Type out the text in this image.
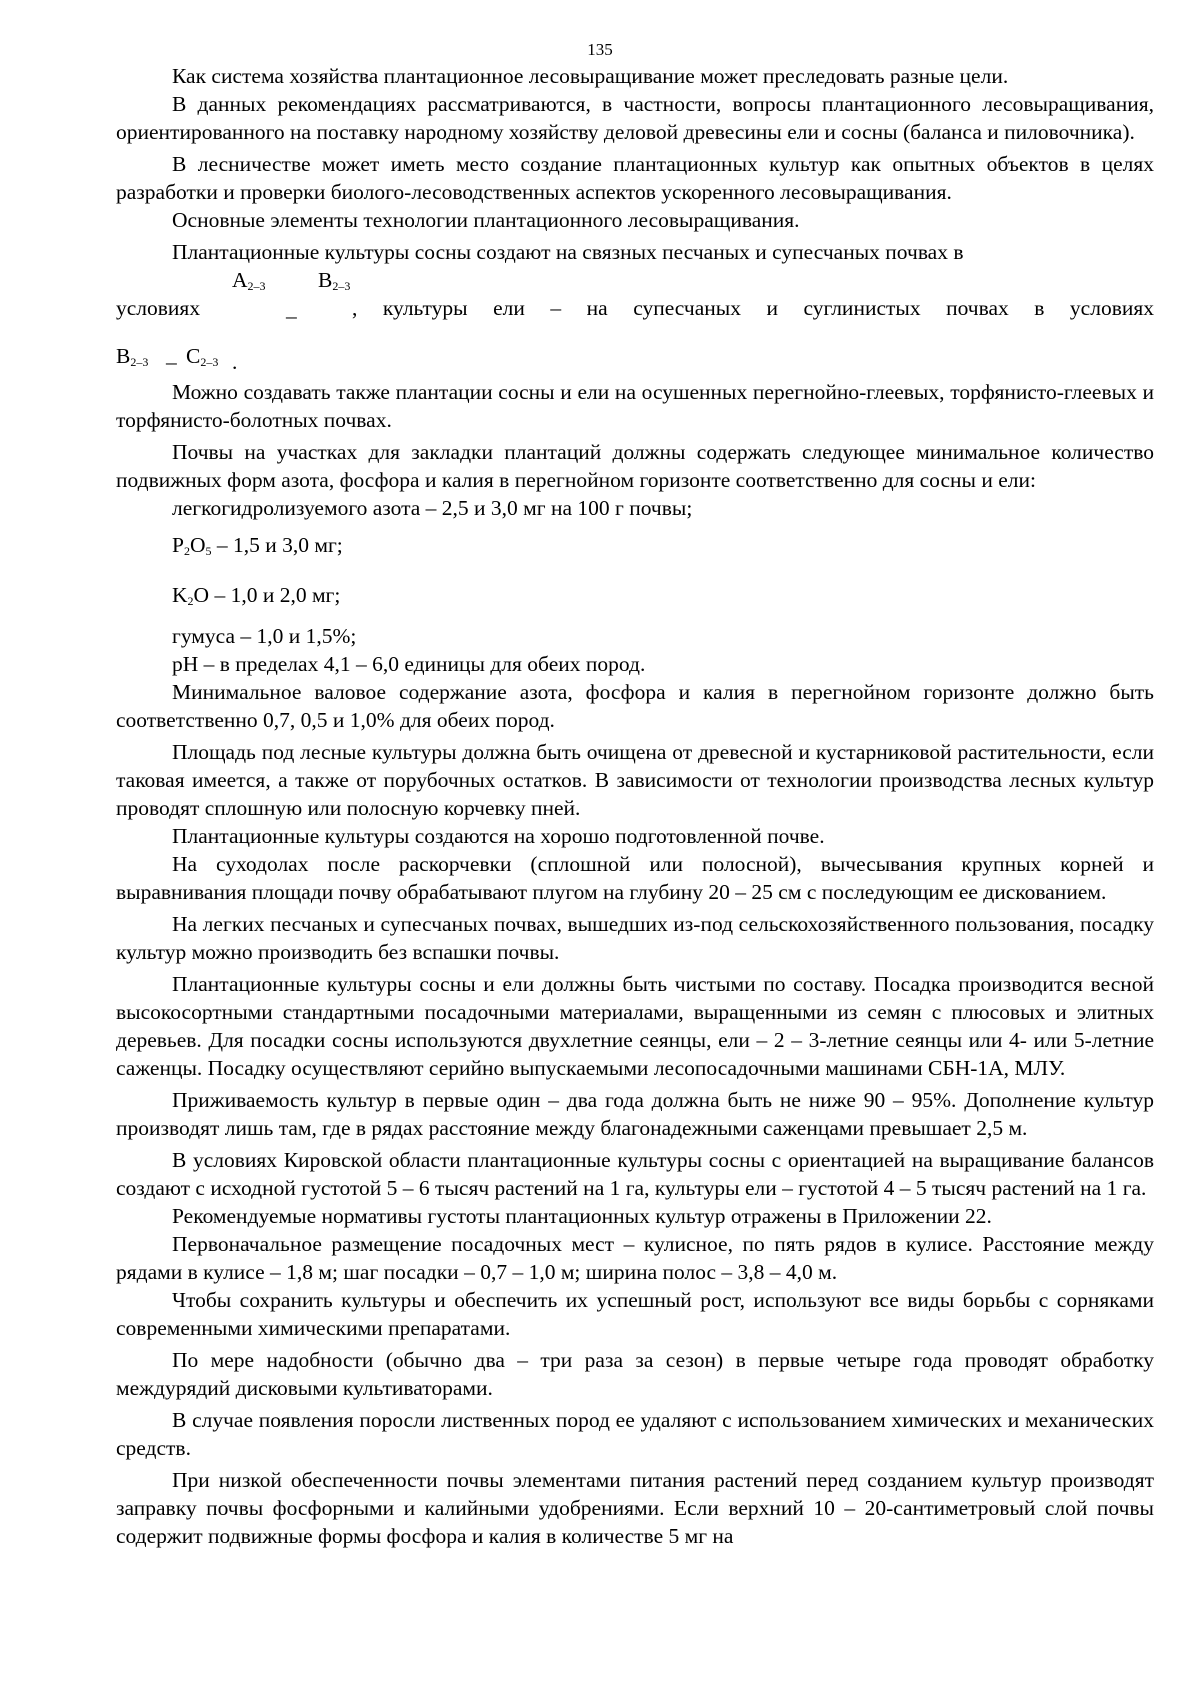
135

Как система хозяйства плантационное лесовыращивание может преследовать разные цели.

В данных рекомендациях рассматриваются, в частности, вопросы плантационного лесовыращивания, ориентированного на поставку народному хозяйству деловой древесины ели и сосны (баланса и пиловочника).

В лесничестве может иметь место создание плантационных культур как опытных объектов в целях разработки и проверки биолого-лесоводственных аспектов ускоренного лесовыращивания.

Основные элементы технологии плантационного лесовыращивания.

Плантационные культуры сосны создают на связных песчаных и супесчаных почвах в

условиях
$A_{2-3}$
–
$B_{2-3}$
, культуры ели – на супесчаных и суглинистых почвах в условиях
$B_{2-3} - C_{2-3}$ .

Можно создавать также плантации сосны и ели на осушенных перегнойно-глеевых, торфянисто-глеевых и торфянисто-болотных почвах.

Почвы на участках для закладки плантаций должны содержать следующее минимальное количество подвижных форм азота, фосфора и калия в перегнойном горизонте соответственно для сосны и ели:

легкогидролизуемого азота – 2,5 и 3,0 мг на 100 г почвы;
$P_2O_5 - 1,5$ и 3,0 мг;
$K_2O - 1,0$ и 2,0 мг;
гумуса – 1,0 и 1,5%;
pH – в пределах 4,1 – 6,0 единицы для обеих пород.

Минимальное валовое содержание азота, фосфора и калия в перегнойном горизонте должно быть соответственно 0,7, 0,5 и 1,0% для обеих пород.

Площадь под лесные культуры должна быть очищена от древесной и кустарниковой растительности, если таковая имеется, а также от порубочных остатков. В зависимости от технологии производства лесных культур проводят сплошную или полосную корчевку пней.

Плантационные культуры создаются на хорошо подготовленной почве.

На суходолах после раскорчевки (сплошной или полосной), вычесывания крупных корней и выравнивания площади почву обрабатывают плугом на глубину 20 – 25 см с последующим ее дискованием.

На легких песчаных и супесчаных почвах, вышедших из-под сельскохозяйственного пользования, посадку культур можно производить без вспашки почвы.

Плантационные культуры сосны и ели должны быть чистыми по составу. Посадка производится весной высокосортными стандартными посадочными материалами, выращенными из семян с плюсовых и элитных деревьев. Для посадки сосны используются двухлетние сеянцы, ели – 2 – 3-летние сеянцы или 4- или 5-летние саженцы. Посадку осуществляют серийно выпускаемыми лесопосадочными машинами СБН-1А, МЛУ.

Приживаемость культур в первые один – два года должна быть не ниже 90 – 95%. Дополнение культур производят лишь там, где в рядах расстояние между благонадежными саженцами превышает 2,5 м.

В условиях Кировской области плантационные культуры сосны с ориентацией на выращивание балансов создают с исходной густотой 5 – 6 тысяч растений на 1 га, культуры ели – густотой 4 – 5 тысяч растений на 1 га.

Рекомендуемые нормативы густоты плантационных культур отражены в Приложении 22.

Первоначальное размещение посадочных мест – кулисное, по пять рядов в кулисе. Расстояние между рядами в кулисе – 1,8 м; шаг посадки – 0,7 – 1,0 м; ширина полос – 3,8 – 4,0 м.

Чтобы сохранить культуры и обеспечить их успешный рост, используют все виды борьбы с сорняками современными химическими препаратами.

По мере надобности (обычно два – три раза за сезон) в первые четыре года проводят обработку междурядий дисковыми культиваторами.

В случае появления поросли лиственных пород ее удаляют с использованием химических и механических средств.

При низкой обеспеченности почвы элементами питания растений перед созданием культур производят заправку почвы фосфорными и калийными удобрениями. Если верхний 10 – 20-сантиметровый слой почвы содержит подвижные формы фосфора и калия в количестве 5 мг на
